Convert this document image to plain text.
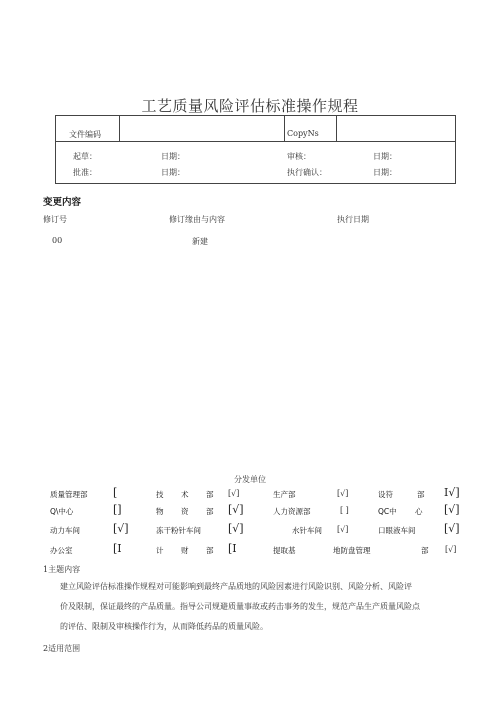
工艺质量风险评估标准操作规程
文件编码	CopyNs
起草：	日期：	审核：	日期：
批准：	日期：	执行确认：	日期：
变更内容
修订号	修订缘由与内容	执行日期
00	新建
分发单位
质量管理部 [	技 术 部 [√]	生产部	[√]	设符	部 I√]
Q\中心	[]	物 资 部 [√]	人力资源部	[ ]	QC中 心 [√]
动力车间	[√]	冻干粉针车间 [√]	水针车间 [√]	口眼液车间	[√]
办公室	[I	计 财 部 [I	提取基	地防盘管理	部 [√]
1主题内容
建立风险评估标准操作规程对可能影响到最终产品质地的风险因素进行风险识别、风险分析、风险评
价及限制，保证最终的产品质量。指导公司规避质量事故或药击事务的发生，规范产品生产质量风险点
的评估、限制及审核操作行为，从而降低药品的质量风险。
2适用范围
